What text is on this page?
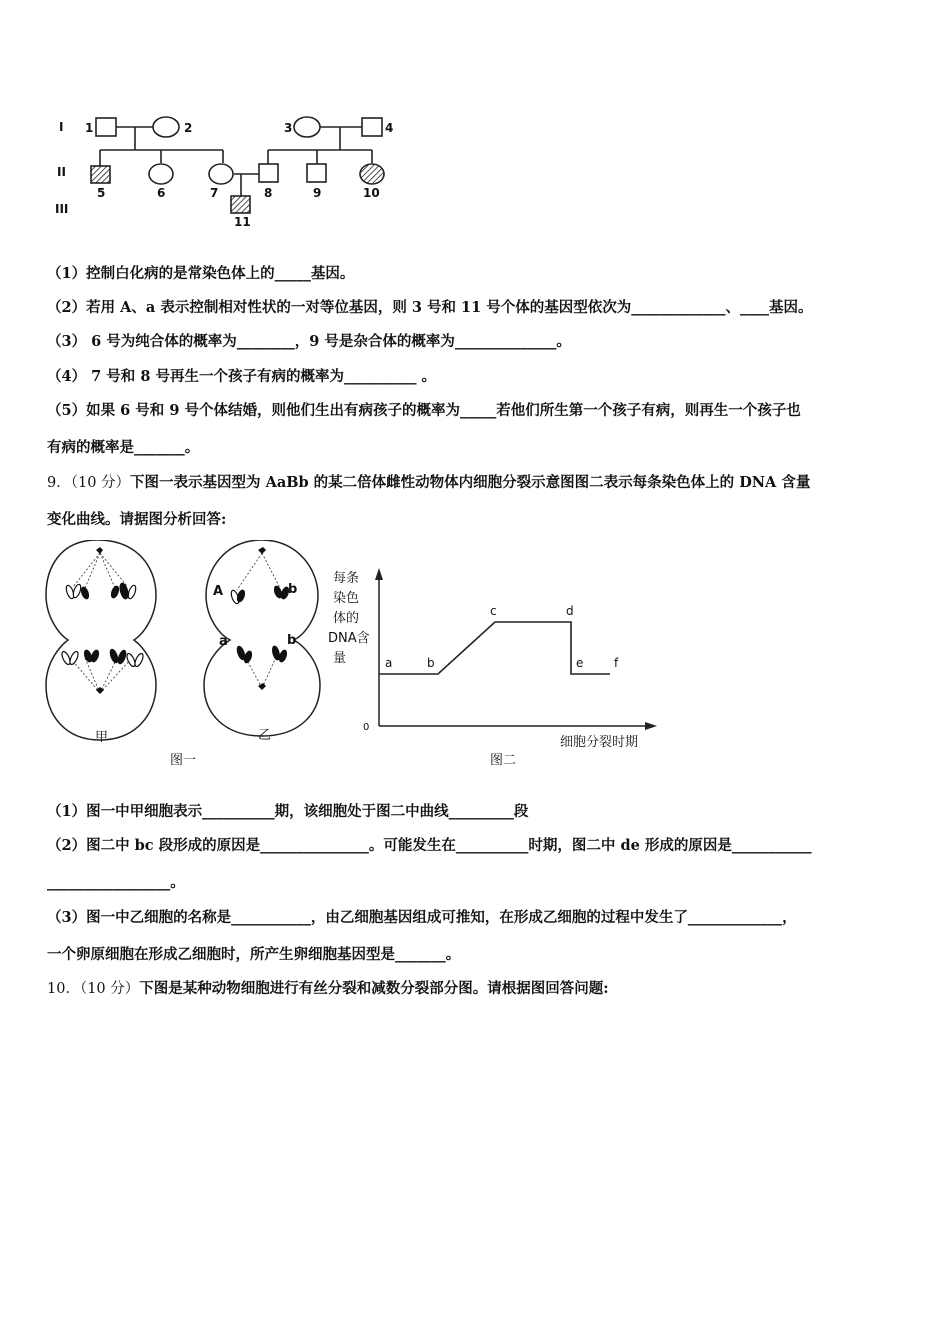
I
II
III
1	2	3	4
5	6	7	8	9	10
11
（1）控制白化病的是常染色体上的_____基因。
（2）若用 A、a 表示控制相对性状的一对等位基因，则 3 号和 11 号个体的基因型依次为_____________、____基因。
（3） 6 号为纯合体的概率为________，9 号是杂合体的概率为______________。
（4） 7 号和 8 号再生一个孩子有病的概率为__________ 。
（5）如果 6 号和 9 号个体结婚，则他们生出有病孩子的概率为_____若他们所生第一个孩子有病，则再生一个孩子也
有病的概率是_______。
9．（10 分）下图一表示基因型为 AaBb 的某二倍体雌性动物体内细胞分裂示意图图二表示每条染色体上的 DNA 含量
变化曲线。请据图分析回答:
A	b
a	b
甲	乙
图一
每条
染色
体的
DNA含
量
0
a	b
c	d
e	f
细胞分裂时期
图二
（1）图一中甲细胞表示__________期，该细胞处于图二中曲线_________段
（2）图二中 bc 段形成的原因是_______________。可能发生在__________时期，图二中 de 形成的原因是___________
_________________。
（3）图一中乙细胞的名称是___________，由乙细胞基因组成可推知，在形成乙细胞的过程中发生了_____________，
一个卵原细胞在形成乙细胞时，所产生卵细胞基因型是_______。
10．（10 分）下图是某种动物细胞进行有丝分裂和减数分裂部分图。请根据图回答问题:
